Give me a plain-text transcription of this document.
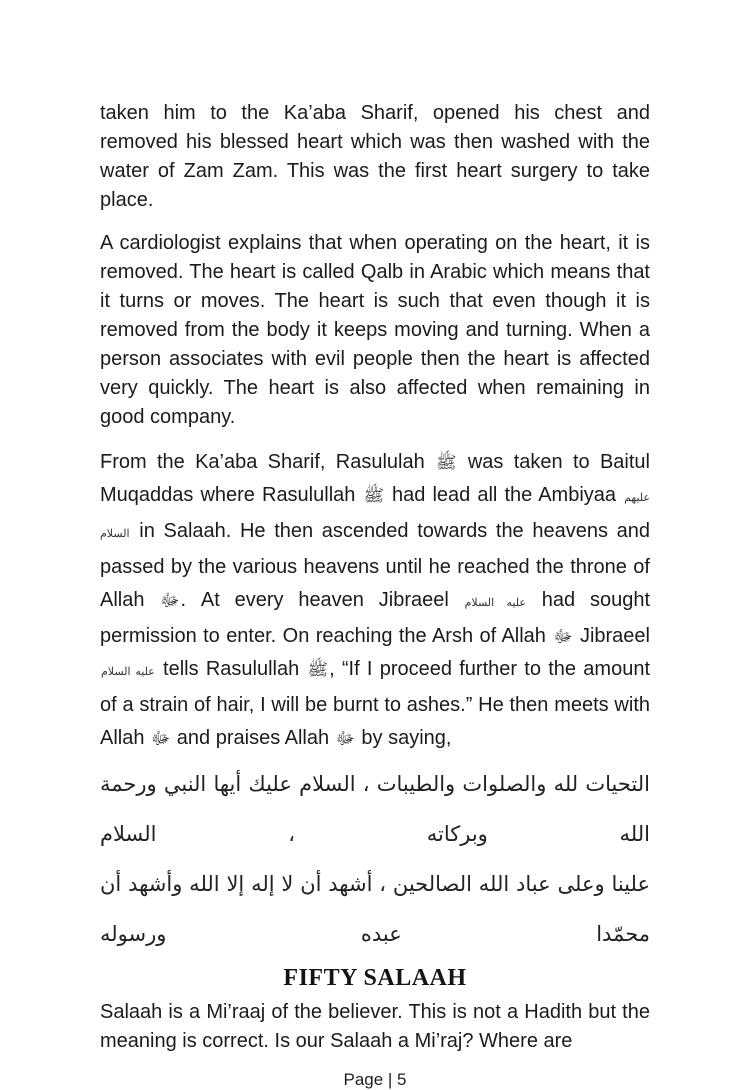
taken him to the Ka’aba Sharif, opened his chest and removed his blessed heart which was then washed with the water of Zam Zam. This was the first heart surgery to take place.

A cardiologist explains that when operating on the heart, it is removed. The heart is called Qalb in Arabic which means that it turns or moves. The heart is such that even though it is removed from the body it keeps moving and turning. When a person associates with evil people then the heart is affected very quickly. The heart is also affected when remaining in good company.

From the Ka’aba Sharif, Rasululah ﷺ was taken to Baitul Muqaddas where Rasulullah ﷺ had lead all the Ambiyaa عليهم السلام in Salaah. He then ascended towards the heavens and passed by the various heavens until he reached the throne of Allah ﷻ. At every heaven Jibraeel عليه السلام had sought permission to enter. On reaching the Arsh of Allah ﷻ Jibraeel عليه السلام tells Rasulullah ﷺ, “If I proceed further to the amount of a strain of hair, I will be burnt to ashes.” He then meets with Allah ﷻ and praises Allah ﷻ by saying,

التحيات لله والصلوات والطيبات ، السلام عليك أيها النبي ورحمة الله وبركاته ، السلام
علينا وعلى عباد الله الصالحين ، أشهد أن لا إله إلا الله وأشهد أن محمّدا عبده ورسوله
FIFTY SALAAH

Salaah is a Mi’raaj of the believer. This is not a Hadith but the meaning is correct. Is our Salaah a Mi’raj? Where are

Page | 5
